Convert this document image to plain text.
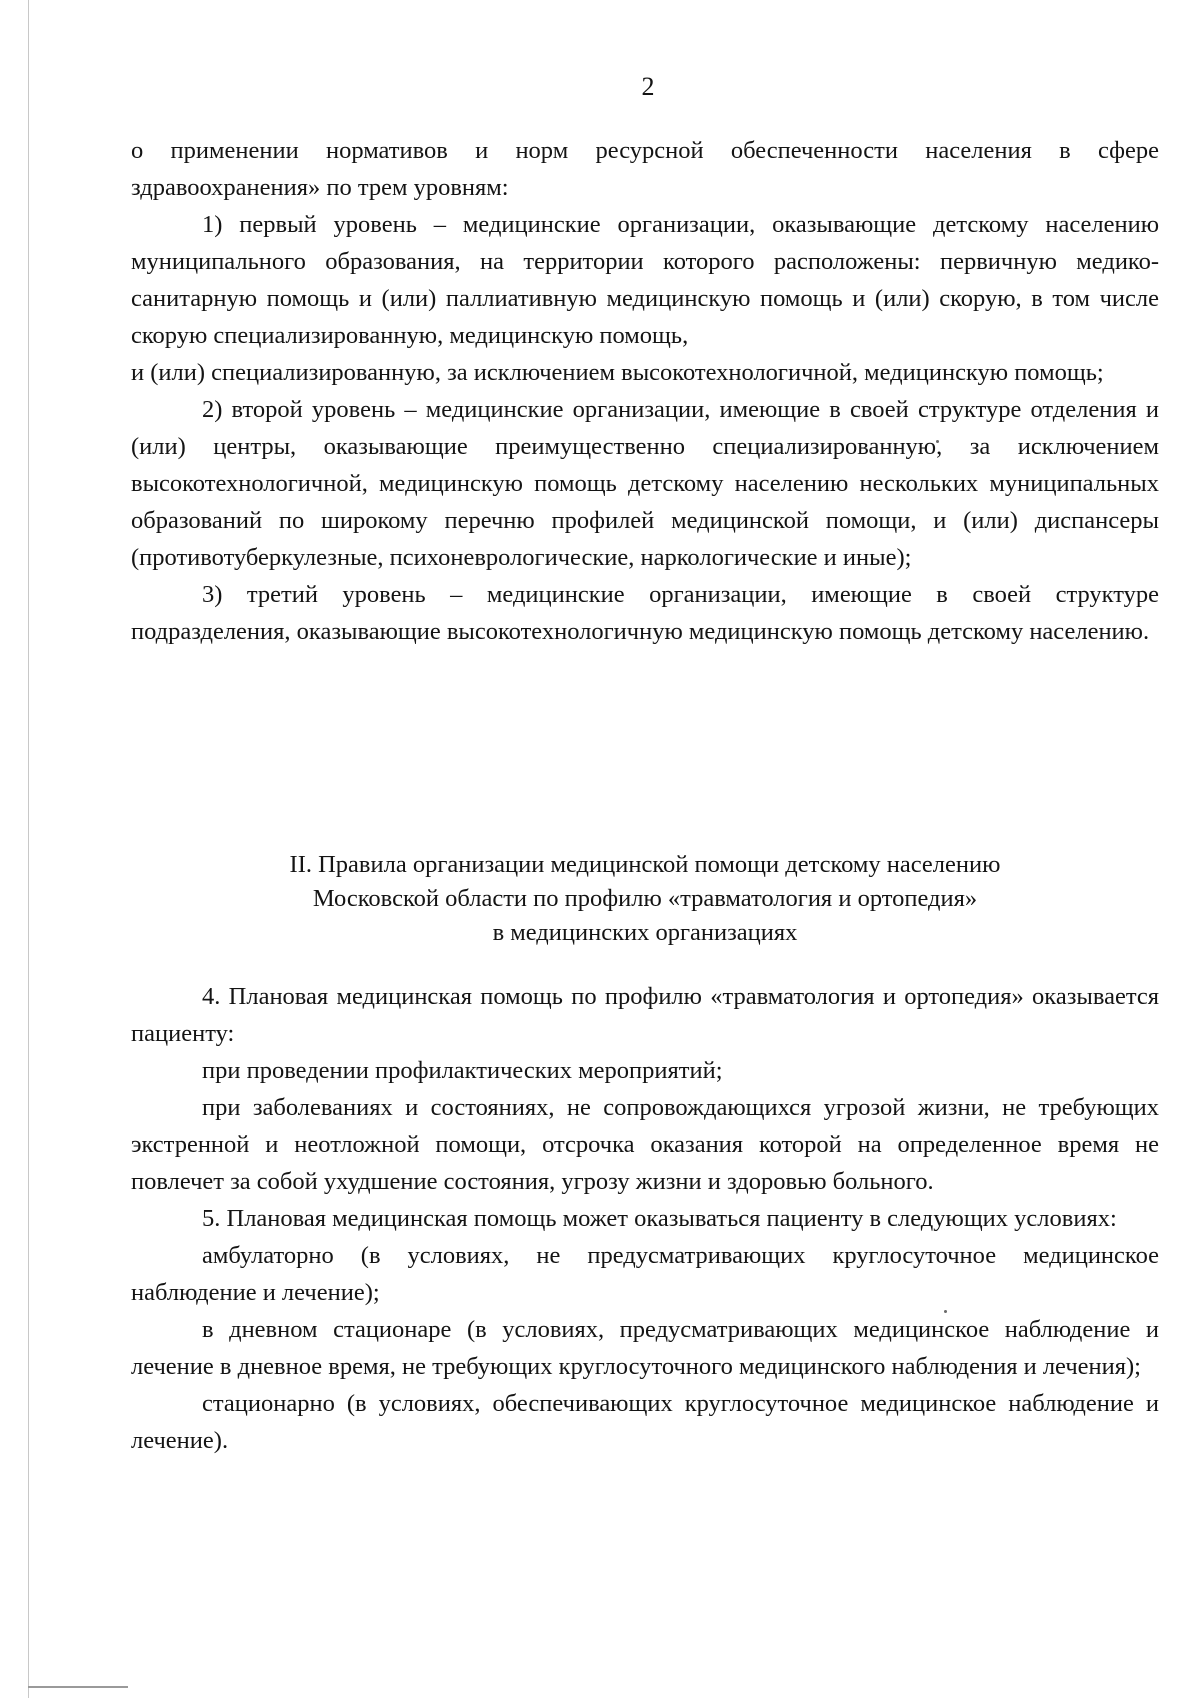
2

о применении нормативов и норм ресурсной обеспеченности населения в сфере здравоохранения» по трем уровням:

1) первый уровень – медицинские организации, оказывающие детскому населению муниципального образования, на территории которого расположены: первичную медико-санитарную помощь и (или) паллиативную медицинскую помощь и (или) скорую, в том числе скорую специализированную, медицинскую помощь,

и (или) специализированную, за исключением высокотехнологичной, медицинскую помощь;

2) второй уровень – медицинские организации, имеющие в своей структуре отделения и (или) центры, оказывающие преимущественно специализированную, за исключением высокотехнологичной, медицинскую помощь детскому населению нескольких муниципальных образований по широкому перечню профилей медицинской помощи, и (или) диспансеры (противотуберкулезные, психоневрологические, наркологические и иные);

3) третий уровень – медицинские организации, имеющие в своей структуре подразделения, оказывающие высокотехнологичную медицинскую помощь детскому населению.

II. Правила организации медицинской помощи детскому населению
Московской области по профилю «травматология и ортопедия»
в медицинских организациях

4. Плановая медицинская помощь по профилю «травматология и ортопедия» оказывается пациенту:

при проведении профилактических мероприятий;

при заболеваниях и состояниях, не сопровождающихся угрозой жизни, не требующих экстренной и неотложной помощи, отсрочка оказания которой на определенное время не повлечет за собой ухудшение состояния, угрозу жизни и здоровью больного.

5. Плановая медицинская помощь может оказываться пациенту в следующих условиях:

амбулаторно (в условиях, не предусматривающих круглосуточное медицинское наблюдение и лечение);

в дневном стационаре (в условиях, предусматривающих медицинское наблюдение и лечение в дневное время, не требующих круглосуточного медицинского наблюдения и лечения);

стационарно (в условиях, обеспечивающих круглосуточное медицинское наблюдение и лечение).
